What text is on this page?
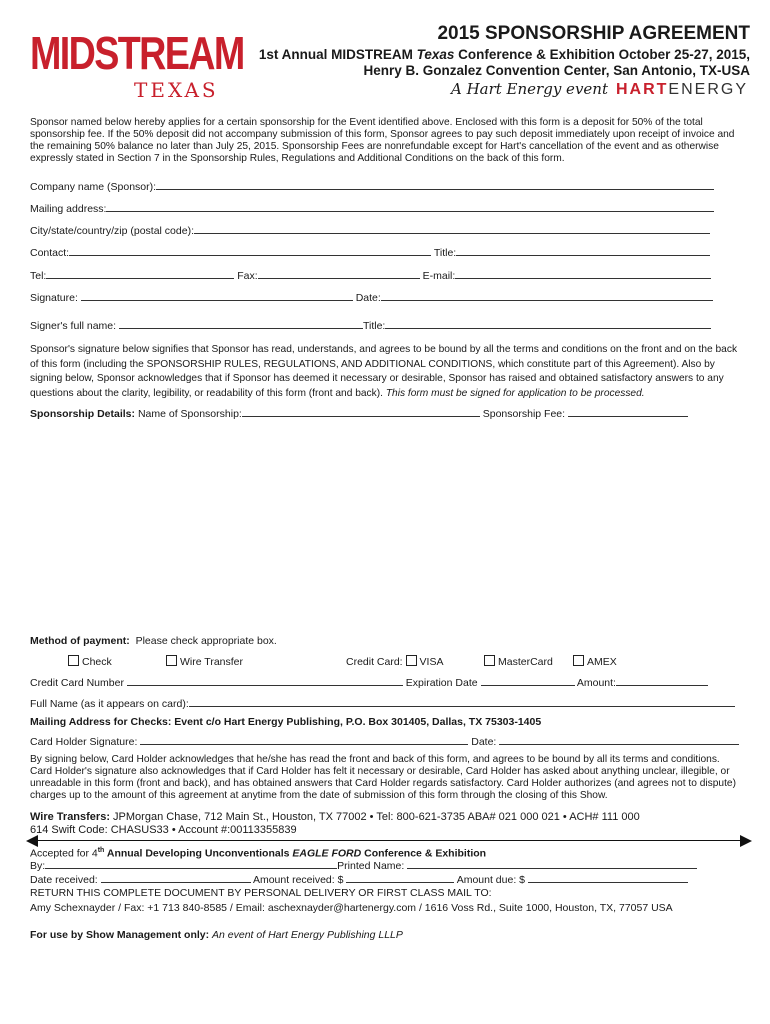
MIDSTREAM
TEXAS
2015 SPONSORSHIP AGREEMENT
1st Annual MIDSTREAM Texas Conference & Exhibition October 25-27, 2015,
Henry B. Gonzalez Convention Center, San Antonio, TX-USA
A Hart Energy event HARTENERGY
Sponsor named below hereby applies for a certain sponsorship for the Event identified above. Enclosed with this form is a deposit for 50% of the total sponsorship fee. If the 50% deposit did not accompany submission of this form, Sponsor agrees to pay such deposit immediately upon receipt of invoice and the remaining 50% balance no later than July 25, 2015. Sponsorship Fees are nonrefundable except for Hart's cancellation of the event and as otherwise expressly stated in Section 7 in the Sponsorship Rules, Regulations and Additional Conditions on the back of this form.
Company name (Sponsor):
Mailing address:
City/state/country/zip (postal code):
Contact:	Title:
Tel:	Fax:	E-mail:
Signature:	Date:
Signer's full name:	Title:
Sponsor's signature below signifies that Sponsor has read, understands, and agrees to be bound by all the terms and conditions on the front and on the back of this form (including the SPONSORSHIP RULES, REGULATIONS, AND ADDITIONAL CONDITIONS, which constitute part of this Agreement). Also by signing below, Sponsor acknowledges that if Sponsor has deemed it necessary or desirable, Sponsor has raised and obtained satisfactory answers to any questions about the clarity, legibility, or readability of this form (front and back). This form must be signed for application to be processed.
Sponsorship Details: Name of Sponsorship:	Sponsorship Fee:
Method of payment: Please check appropriate box.
Check	Wire Transfer	Credit Card: VISA	MasterCard	AMEX
Credit Card Number	Expiration Date	Amount:
Full Name (as it appears on card):
Mailing Address for Checks: Event c/o Hart Energy Publishing, P.O. Box 301405, Dallas, TX 75303-1405
Card Holder Signature:	Date:
By signing below, Card Holder acknowledges that he/she has read the front and back of this form, and agrees to be bound by all its terms and conditions. Card Holder's signature also acknowledges that if Card Holder has felt it necessary or desirable, Card Holder has asked about anything unclear, illegible, or unreadable in this form (front and back), and has obtained answers that Card Holder regards satisfactory. Card Holder authorizes (and agrees not to dispute) charges up to the amount of this agreement at anytime from the date of submission of this form through the closing of this Show.
Wire Transfers: JPMorgan Chase, 712 Main St., Houston, TX 77002 • Tel: 800-621-3735 ABA# 021 000 021 • ACH# 111 000
614 Swift Code: CHASUS33 • Account #:00113355839
Accepted for 4th Annual Developing Unconventionals EAGLE FORD Conference & Exhibition
By:	Printed Name:
Date received:	Amount received: $	Amount due: $
RETURN THIS COMPLETE DOCUMENT BY PERSONAL DELIVERY OR FIRST CLASS MAIL TO:
Amy Schexnayder / Fax: +1 713 840-8585 / Email: aschexnayder@hartenergy.com / 1616 Voss Rd., Suite 1000, Houston, TX, 77057 USA
For use by Show Management only: An event of Hart Energy Publishing LLLP
